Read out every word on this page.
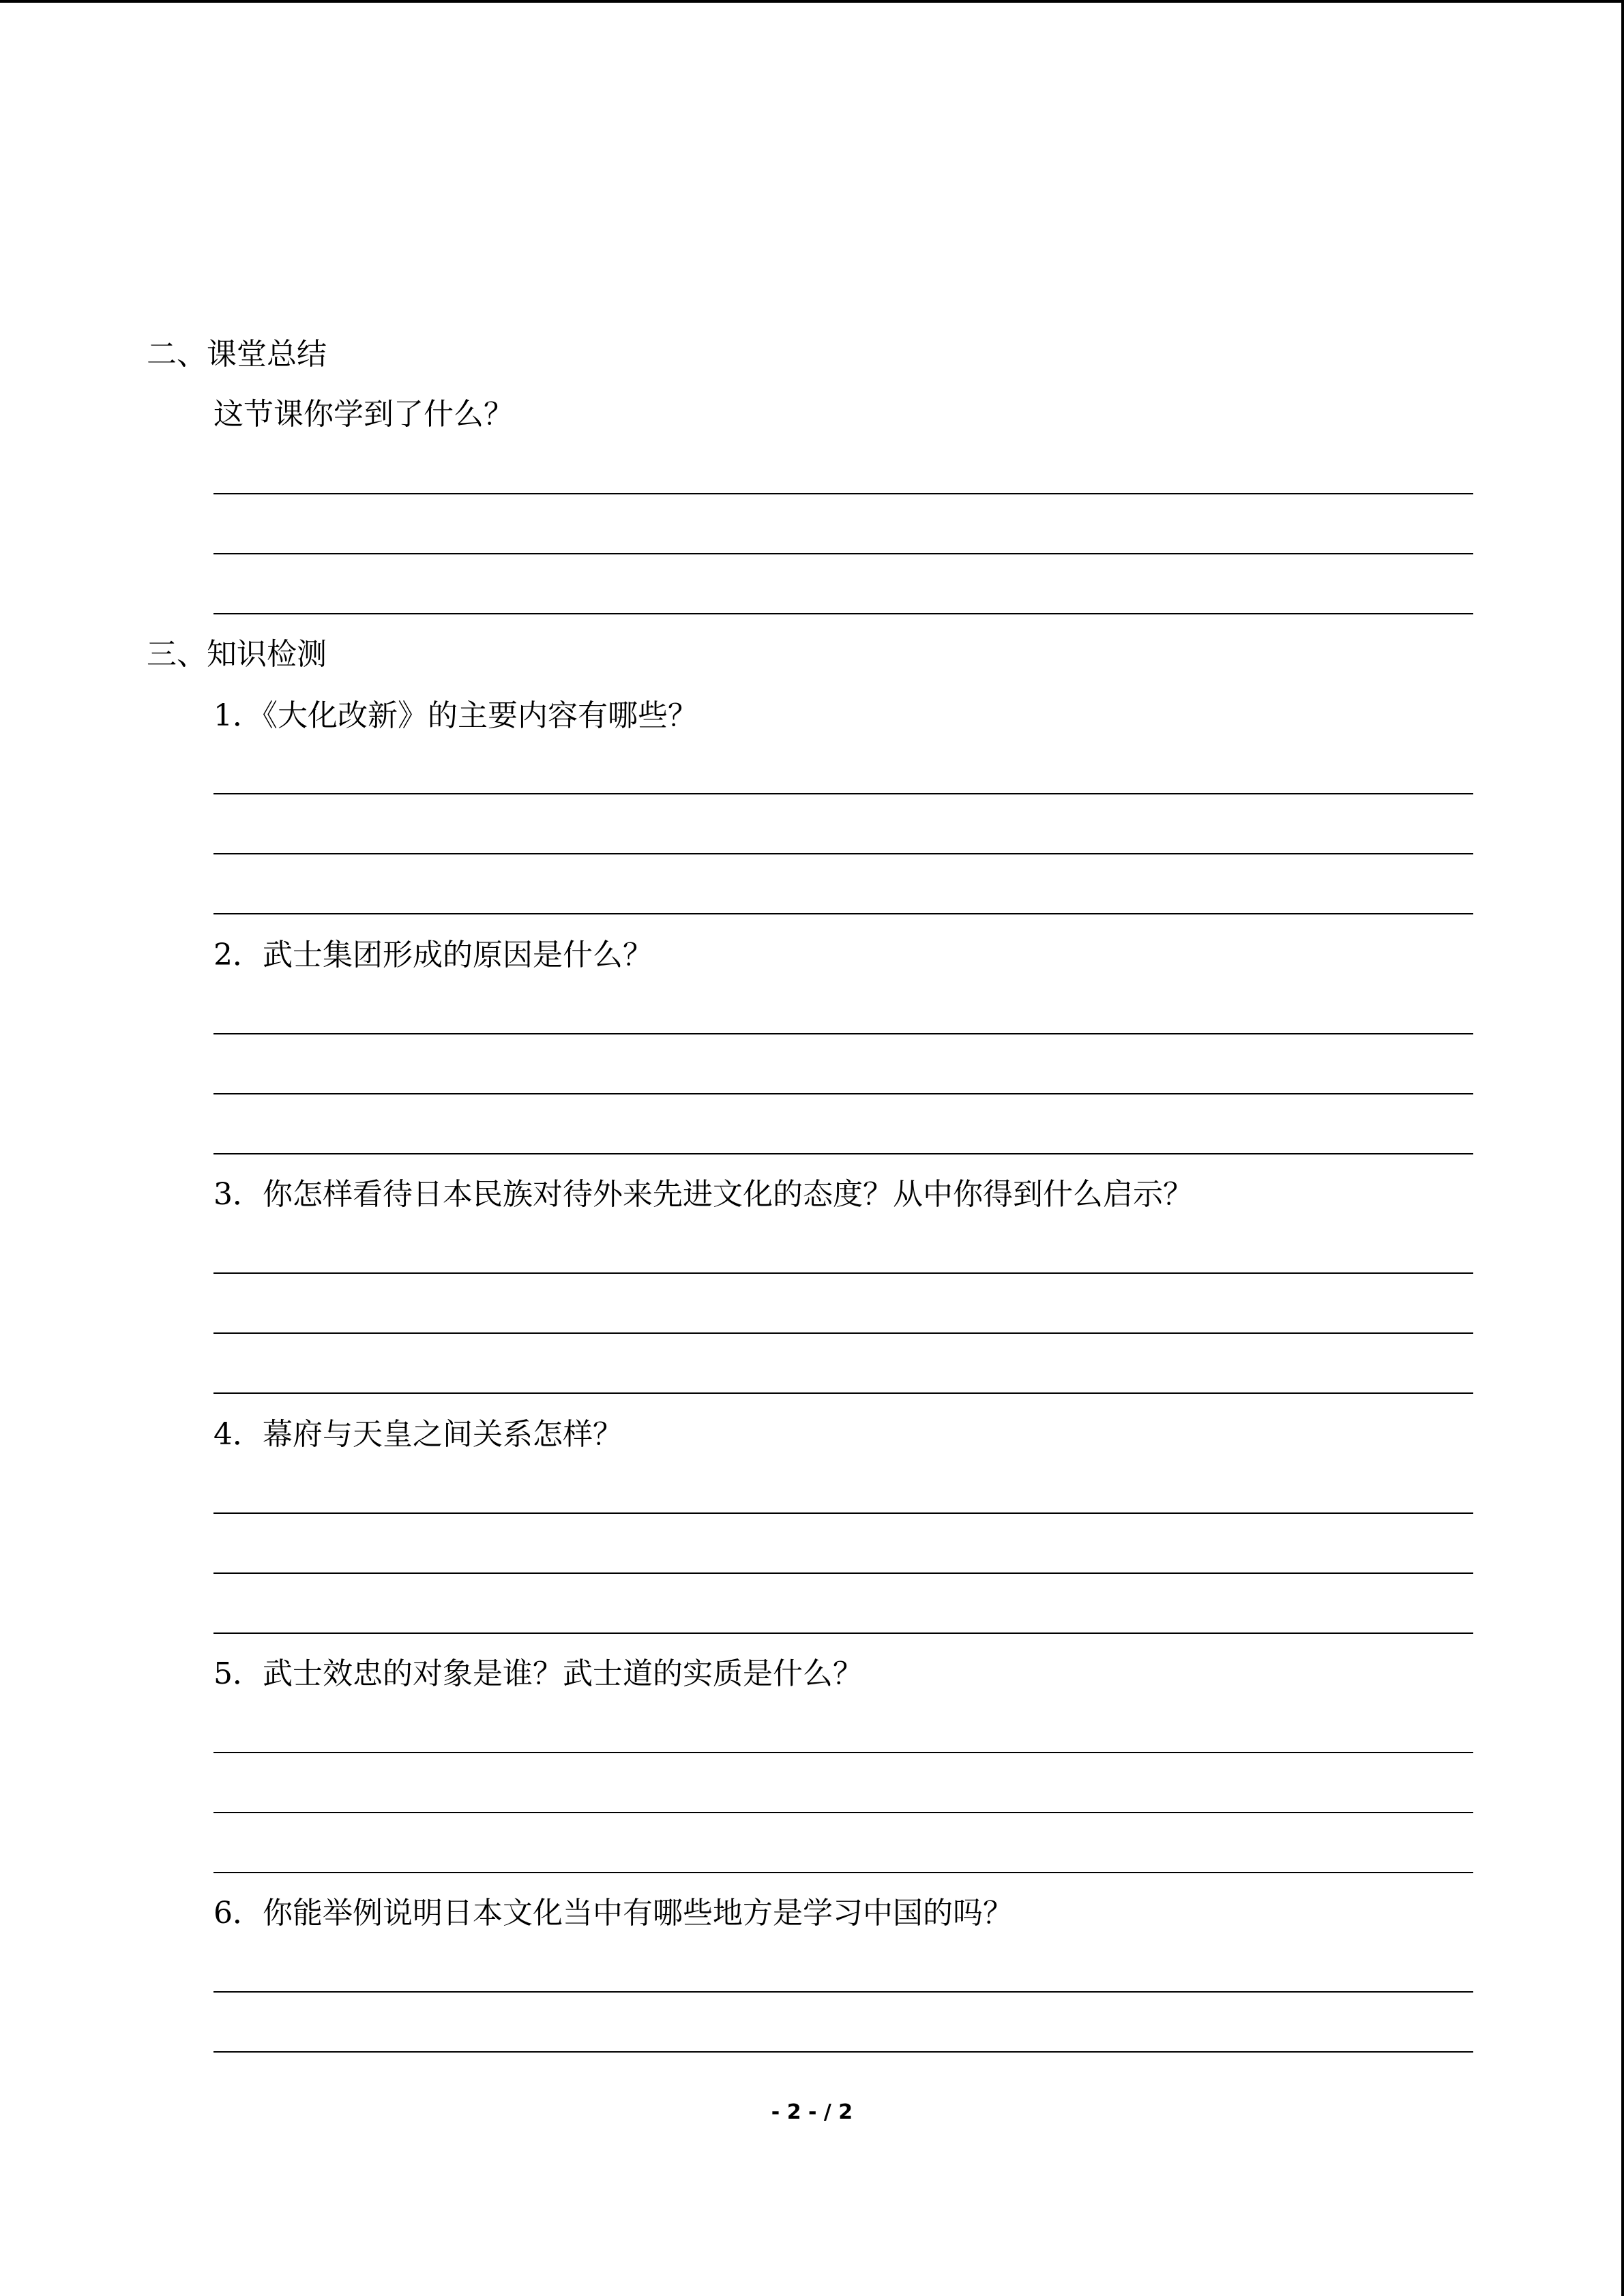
二、课堂总结
这节课你学到了什么？
三、知识检测
1．《大化改新》的主要内容有哪些？
2．武士集团形成的原因是什么？
3．你怎样看待日本民族对待外来先进文化的态度？从中你得到什么启示？
4．幕府与天皇之间关系怎样？
5．武士效忠的对象是谁？武士道的实质是什么？
6．你能举例说明日本文化当中有哪些地方是学习中国的吗？
- 2 - / 2
